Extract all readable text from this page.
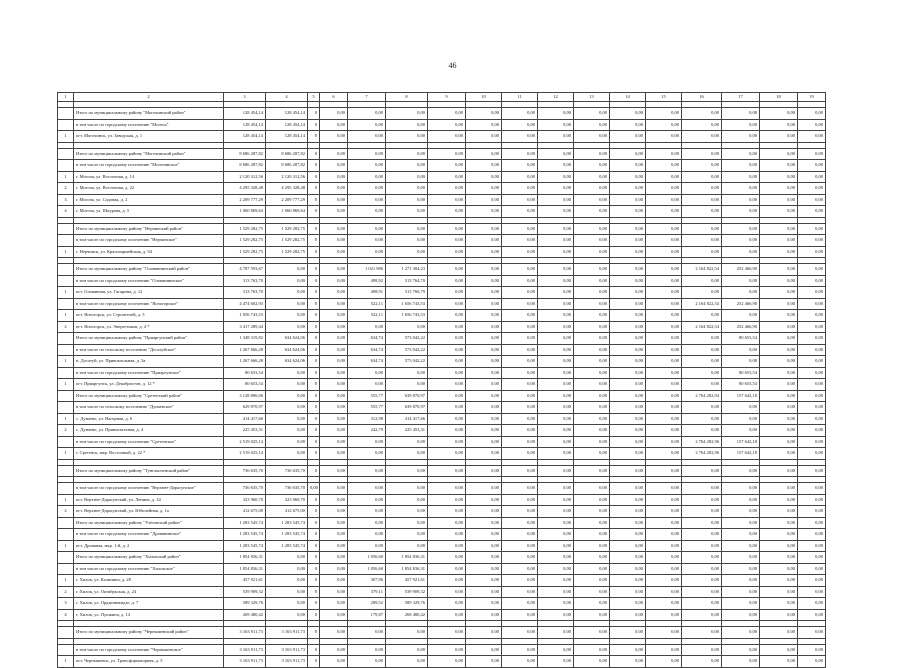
46
1	2	3	4	5	6	7	8	9	10	11	12	13	14	15	16	17	18	19

	Итого по муниципальному району "Могочинский район"	128 454,14	128 454,14	0	0,00	0,00	0,00	0,00	0,00	0,00	0,00	0,00	0,00	0,00	0,00	0,00	0,00	0,00
	в том числе по городскому поселению "Могоча"	128 454,14	128 454,14	0	0,00	0,00	0,00	0,00	0,00	0,00	0,00	0,00	0,00	0,00	0,00	0,00	0,00	0,00
1	пгт. Могочинск, ул. Заводская, д. 1	128 454,14	128 454,14	0	0,00	0,00	0,00	0,00	0,00	0,00	0,00	0,00	0,00	0,00	0,00	0,00	0,00	0,00

	Итого по муниципальному району "Могочинский район"	8 686 287,82	8 686 287,82	0	0,00	0,00	0,00	0,00	0,00	0,00	0,00	0,00	0,00	0,00	0,00	0,00	0,00	0,00
	в том числе по городскому поселению "Могочинское"	8 686 287,82	8 686 287,82	0	0,00	0,00	0,00	0,00	0,00	0,00	0,00	0,00	0,00	0,00	0,00	0,00	0,00	0,00
1	г. Могоча, ул. Восточная, д. 14	2 120 312,56	2 120 312,56	0	0,00	0,00	0,00	0,00	0,00	0,00	0,00	0,00	0,00	0,00	0,00	0,00	0,00	0,00
2	г. Могоча, ул. Восточная, д. 22	4 295 328,48	4 295 328,48	0	0,00	0,00	0,00	0,00	0,00	0,00	0,00	0,00	0,00	0,00	0,00	0,00	0,00	0,00
3	г. Могоча, ул. Садовая, д. 2	2 209 777,29	2 209 777,29	0	0,00	0,00	0,00	0,00	0,00	0,00	0,00	0,00	0,00	0,00	0,00	0,00	0,00	0,00
4	г. Могоча, ул. Шкурова, д. 5	1 060 869,64	1 060 869,64	0	0,00	0,00	0,00	0,00	0,00	0,00	0,00	0,00	0,00	0,00	0,00	0,00	0,00	0,00

	Итого по муниципальному району "Нерчинский район"	1 529 282,75	1 529 282,75	0	0,00	0,00	0,00	0,00	0,00	0,00	0,00	0,00	0,00	0,00	0,00	0,00	0,00	0,00
	в том числе по городскому поселению "Нерчинское"	1 529 282,75	1 529 282,75	0	0,00	0,00	0,00	0,00	0,00	0,00	0,00	0,00	0,00	0,00	0,00	0,00	0,00	0,00
1	г. Нерчинск, ул. Красноармейская, д. 94	1 529 282,75	1 529 282,75	0	0,00	0,00	0,00	0,00	0,00	0,00	0,00	0,00	0,00	0,00	0,00	0,00	0,00	0,00

	Итого по муниципальному району "Оловяннинский район"	4 787 593,67	0,00	0	0,00	1 021 986	1 271 304,23	0,00	0,00	0,00	0,00	0,00	0,00	0,00	2 164 822,54	252 466,90	0,00	0,00
	в том числе по городскому поселению "Оловяннинское"	313 763,70	0,00	0	0,00	498,92	313 764,70	0,00	0,00	0,00	0,00	0,00	0,00	0,00	0,00	0,00	0,00	0,00
1	пгт. Оловянная, ул. Гагарина, д. 12	313 763,70	0,00	0	0,00	498,91	313 766,79	0,00	0,00	0,00	0,00	0,00	0,00	0,00	0,00	0,00	0,00	0,00
	в том числе по городскому поселению "Ясногорское"	4 474 602,93	0,00	0	0,00	522,11	1 656 743,53	0,00	0,00	0,00	0,00	0,00	0,00	0,00	2 164 822,54	252 466,90	0,00	0,00
1	пгт. Ясногорск, ул. Строителей, д. 5	1 056 743,53	0,00	0	0,00	522,11	1 656 743,53	0,00	0,00	0,00	0,00	0,00	0,00	0,00	0,00	0,00	0,00	0,00
2	пгт. Ясногорск, ул. Энергетиков, д. 4 *	3 417 289,44	0,00	0	0,00	0,00	0,00	0,00	0,00	0,00	0,00	0,00	0,00	0,00	2 164 822,54	252 466,90	0,00	0,00
	Итого по муниципальному району "Приаргунский район"	1 348 319,82	634 624,06	0	0,00	634,74	573 042,22	0,00	0,00	0,00	0,00	0,00	0,00	0,00	0,00	80 653,54	0,00	0,00
	в том числе по сельскому поселению "Досатуйское"	1 267 666,28	634 624,06	0	0,00	634,74	573 042,22	0,00	0,00	0,00	0,00	0,00	0,00	0,00	0,00	0,00	0,00	0,00
1	п. Досатуй, ул. Привокзальная, д. 3а	1 267 666,28	634 624,06	0	0,00	634,74	573 042,22	0,00	0,00	0,00	0,00	0,00	0,00	0,00	0,00	0,00	0,00	0,00
	в том числе по городскому поселению "Приаргунское"	80 653,54	0,00	0	0,00	0,00	0,00	0,00	0,00	0,00	0,00	0,00	0,00	0,00	0,00	80 653,54	0,00	0,00
1	пгт. Приаргунск, ул. Декабристов, д. 12 *	80 653,54	0,00	0	0,00	0,00	0,00	0,00	0,00	0,00	0,00	0,00	0,00	0,00	0,00	80 653,54	0,00	0,00
	Итого по муниципальному району "Сретенский район"	3 128 896,06	0,00	0	0,00	555,77	639 870,97	0,00	0,00	0,00	0,00	0,00	0,00	0,00	2 764 282,94	157 642,18	0,00	0,00
	в том числе по сельскому поселению "Дунаевское"	629 870,97	0,00	0	0,00	555,77	639 870,97	0,00	0,00	0,00	0,00	0,00	0,00	0,00	0,00	0,00	0,00	0,00
1	с. Дунаево, ул. Нагорная, д. 6	414 417,66	0,00	0	0,00	312,98	414 417,66	0,00	0,00	0,00	0,00	0,00	0,00	0,00	0,00	0,00	0,00	0,00
2	с. Дунаево, ул. Привокзальная, д. 4	225 453,31	0,00	0	0,00	242,79	225 453,31	0,00	0,00	0,00	0,00	0,00	0,00	0,00	0,00	0,00	0,00	0,00
	в том числе по городскому поселению "Сретенское"	2 519 025,14	0,00	0	0,00	0,00	0,00	0,00	0,00	0,00	0,00	0,00	0,00	0,00	2 764 282,96	157 642,18	0,00	0,00
1	г. Сретенск, мкр. Восточный, д. 22 *	2 519 025,14	0,00	0	0,00	0,00	0,00	0,00	0,00	0,00	0,00	0,00	0,00	0,00	2 764 282,96	157 642,18	0,00	0,00

	Итого по муниципальному району "Тунгокоченский район"	736 635,70	736 635,70	0	0,00	0,00	0,00	0,00	0,00	0,00	0,00	0,00	0,00	0,00	0,00	0,00	0,00	0,00

	в том числе по городскому поселению "Верхнее-Дарасунское"	736 635,70	736 635,70	0,00	0,00	0,00	0,00	0,00	0,00	0,00	0,00	0,00	0,00	0,00	0,00	0,00	0,00	0,00
1	пгт. Верхнее-Дарасунский, ул. Ленина, д. 34	323 960,70	323 960,70	0	0,00	0,00	0,00	0,00	0,00	0,00	0,00	0,00	0,00	0,00	0,00	0,00	0,00	0,00
2	пгт. Верхнее-Дарасунский, ул. Юбилейная, д. 1а	412 675,00	412 675,00	0	0,00	0,00	0,00	0,00	0,00	0,00	0,00	0,00	0,00	0,00	0,00	0,00	0,00	0,00
	Итого по муниципальному району "Улётовский район"	1 283 545,74	1 283 545,74	0	0,00	0,00	0,00	0,00	0,00	0,00	0,00	0,00	0,00	0,00	0,00	0,00	0,00	0,00
	в том числе по городскому поселению "Дровянинское"	1 283 545,74	1 283 545,74	0	0,00	0,00	0,00	0,00	0,00	0,00	0,00	0,00	0,00	0,00	0,00	0,00	0,00	0,00
1	пгт. Дровяная, мкр. 1-й, д. 2	1 283 545,74	1 283 545,74	0	0,00	0,00	0,00	0,00	0,00	0,00	0,00	0,00	0,00	0,00	0,00	0,00	0,00	0,00
	Итого по муниципальному району "Хилокский район"	1 854 836,31	0,00	0	0,00	1 056,60	1 854 836,31	0,00	0,00	0,00	0,00	0,00	0,00	0,00	0,00	0,00	0,00	0,00
	в том числе по городскому поселению "Хилокское"	1 854 836,31	0,00	0	0,00	1 056,60	1 854 836,31	0,00	0,00	0,00	0,00	0,00	0,00	0,00	0,00	0,00	0,00	0,00
1	г. Хилок, ул. Калинина, д. 28	457 921,61	0,00	0	0,00	307,96	457 921,61	0,00	0,00	0,00	0,00	0,00	0,00	0,00	0,00	0,00	0,00	0,00
2	г. Хилок, ул. Октябрьская, д. 24	539 909,32	0,00	0	0,00	379,11	539 909,32	0,00	0,00	0,00	0,00	0,00	0,00	0,00	0,00	0,00	0,00	0,00
3	г. Хилок, ул. Орджоникидзе, д. 7	589 329,76	0,00	0	0,00	209,52	589 329,76	0,00	0,00	0,00	0,00	0,00	0,00	0,00	0,00	0,00	0,00	0,00
4	г. Хилок, ул. Пушкина, д. 14	269 480,42	0,00	0	0,00	179,87	268 480,42	0,00	0,00	0,00	0,00	0,00	0,00	0,00	0,00	0,00	0,00	0,00

	Итого по муниципальному району "Чернышевский район"	3 163 911,73	3 163 911,73	0	0,00	0,00	0,00	0,00	0,00	0,00	0,00	0,00	0,00	0,00	0,00	0,00	0,00	0,00

	в том числе по городскому поселению "Чернышевское"	3 163 911,73	3 163 911,73	0	0,00	0,00	0,00	0,00	0,00	0,00	0,00	0,00	0,00	0,00	0,00	0,00	0,00	0,00
1	пгт. Чернышевск, ул. Трансформаторная, д. 5	3 163 911,73	3 163 911,73	0	0,00	0,00	0,00	0,00	0,00	0,00	0,00	0,00	0,00	0,00	0,00	0,00	0,00	0,00
